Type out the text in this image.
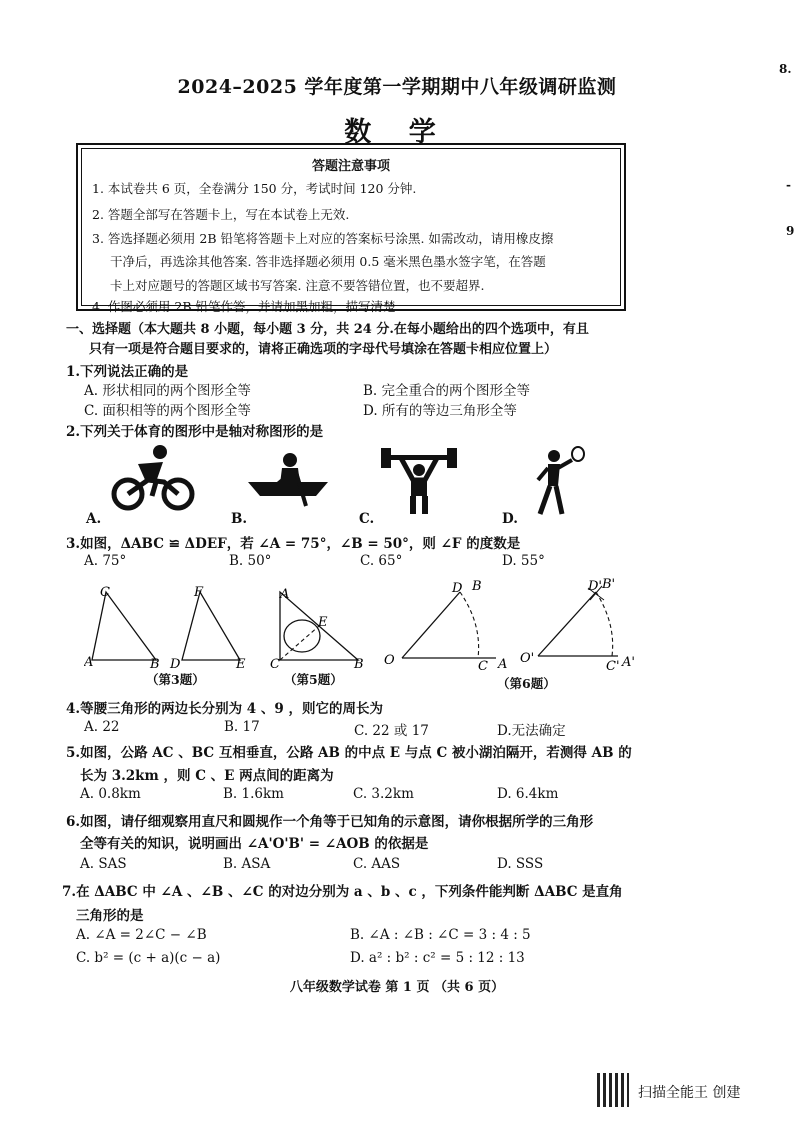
2024–2025 学年度第一学期期中八年级调研监测
数 学
8.
-
9
答题注意事项
1. 本试卷共 6 页，全卷满分 150 分，考试时间 120 分钟.
2. 答题全部写在答题卡上，写在本试卷上无效.
3. 答选择题必须用 2B 铅笔将答题卡上对应的答案标号涂黑. 如需改动，请用橡皮擦
干净后，再选涂其他答案. 答非选择题必须用 0.5 毫米黑色墨水签字笔，在答题
卡上对应题号的答题区域书写答案. 注意不要答错位置，也不要超界.
4. 作图必须用 2B 铅笔作答，并请加黑加粗，描写清楚.
一、选择题（本大题共 8 小题，每小题 3 分，共 24 分.在每小题给出的四个选项中，有且
只有一项是符合题目要求的，请将正确选项的字母代号填涂在答题卡相应位置上）
1.下列说法正确的是
A. 形状相同的两个图形全等	B. 完全重合的两个图形全等
C. 面积相等的两个图形全等	D. 所有的等边三角形全等
2.下列关于体育的图形中是轴对称图形的是
A.	B.	C.	D.
3.如图，ΔABC ≌ ΔDEF，若 ∠A = 75°，∠B = 50°，则 ∠F 的度数是
A. 75°	B. 50°	C. 65°	D. 55°
C
A	B
F
D	E
（第3题）
A
E
C	B
（第5题）
O
D B
C A O'
D' B'
C' A'
（第6题）
4.等腰三角形的两边长分别为 4 、9 ，则它的周长为
A. 22	B. 17	C. 22 或 17	D.无法确定
5.如图，公路 AC 、BC 互相垂直，公路 AB 的中点 E 与点 C 被小湖泊隔开，若测得 AB 的
长为 3.2km ，则 C 、E 两点间的距离为
A. 0.8km	B. 1.6km	C. 3.2km	D. 6.4km
6.如图，请仔细观察用直尺和圆规作一个角等于已知角的示意图，请你根据所学的三角形
全等有关的知识，说明画出 ∠A'O'B' = ∠AOB 的依据是
A. SAS	B. ASA	C. AAS	D. SSS
7.在 ΔABC 中 ∠A 、∠B 、∠C 的对边分别为 a 、b 、c ，下列条件能判断 ΔABC 是直角
三角形的是
A. ∠A = 2∠C − ∠B	B. ∠A : ∠B : ∠C = 3 : 4 : 5
C. b² = (c + a)(c − a)	D. a² : b² : c² = 5 : 12 : 13
八年级数学试卷 第 1 页 （共 6 页）
扫描全能王 创建
